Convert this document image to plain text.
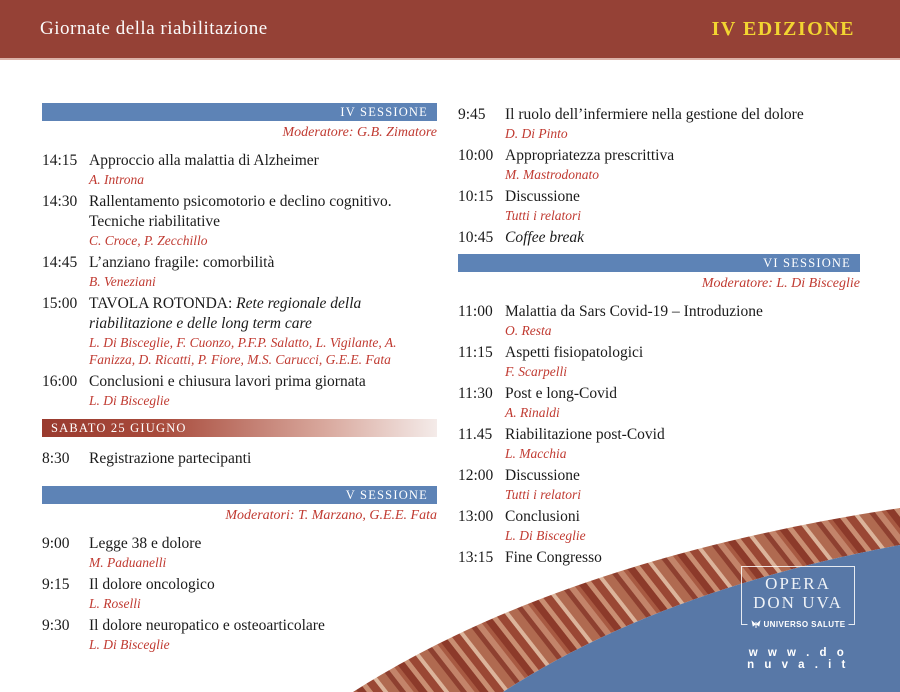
Giornate della riabilitazione	IV EDIZIONE
IV SESSIONE
Moderatore: G.B. Zimatore
14:15 Approccio alla malattia di Alzheimer
A. Introna
14:30 Rallentamento psicomotorio e declino cognitivo. Tecniche riabilitative
C. Croce, P. Zecchillo
14:45 L’anziano fragile: comorbilità
B. Veneziani
15:00 TAVOLA ROTONDA: Rete regionale della riabilitazione e delle long term care
L. Di Bisceglie, F. Cuonzo, P.F.P. Salatto, L. Vigilante, A. Fanizza, D. Ricatti, P. Fiore, M.S. Carucci, G.E.E. Fata
16:00 Conclusioni e chiusura lavori prima giornata
L. Di Bisceglie
SABATO 25 GIUGNO
8:30	Registrazione partecipanti
V SESSIONE
Moderatori: T. Marzano, G.E.E. Fata
9:00	Legge 38 e dolore
M. Paduanelli
9:15	Il dolore oncologico
L. Roselli
9:30	Il dolore neuropatico e osteoarticolare
L. Di Bisceglie
9:45	Il ruolo dell’infermiere nella gestione del dolore
D. Di Pinto
10:00 Appropriatezza prescrittiva
M. Mastrodonato
10:15 Discussione
Tutti i relatori
10:45 Coffee break
VI SESSIONE
Moderatore: L. Di Bisceglie
11:00 Malattia da Sars Covid-19 – Introduzione
O. Resta
11:15 Aspetti fisiopatologici
F. Scarpelli
11:30 Post e long-Covid
A. Rinaldi
11.45 Riabilitazione post-Covid
L. Macchia
12:00 Discussione
Tutti i relatori
13:00 Conclusioni
L. Di Bisceglie
13:15 Fine Congresso
OPERA
DON UVA
UNIVERSO SALUTE
w w w . d o n u v a . i t
